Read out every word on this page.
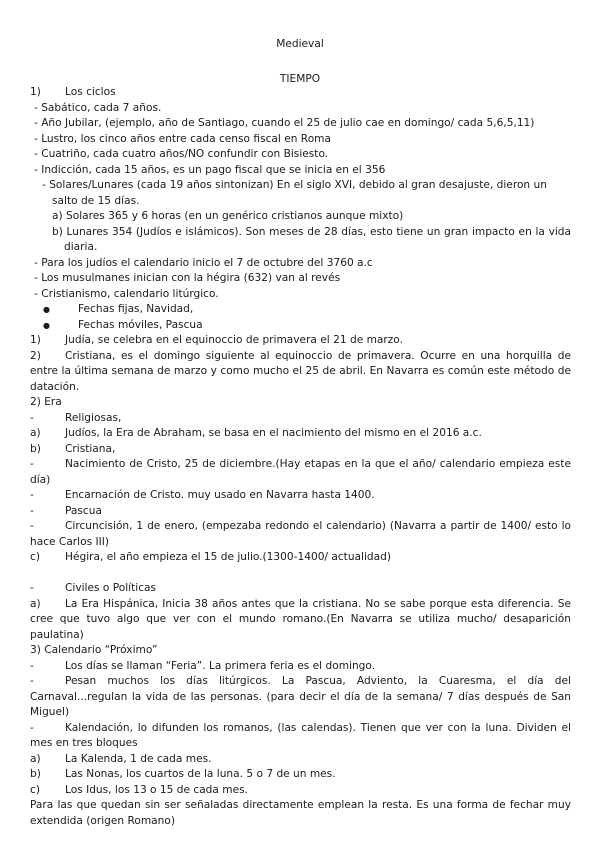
Medieval
TIEMPO
1) Los ciclos
- Sabático, cada 7 años.
- Año Jubilar, (ejemplo, año de Santiago, cuando el 25 de julio cae en domingo/ cada 5,6,5,11)
- Lustro, los cinco años entre cada censo fiscal en Roma
- Cuatriño, cada cuatro años/NO confundir con Bisiesto.
- Indicción, cada 15 años, es un pago fiscal que se inicia en el 356
- Solares/Lunares (cada 19 años sintonizan) En el siglo XVI, debido al gran desajuste, dieron un salto de 15 días.
a) Solares 365 y 6 horas (en un genérico cristianos aunque mixto)
b) Lunares 354 (Judíos e islámicos). Son meses de 28 días, esto tiene un gran impacto en la vida diaria.
- Para los judíos el calendario inicio el 7 de octubre del 3760 a.c
- Los musulmanes inician con la hégira (632) van al revés
- Cristianismo, calendario litúrgico.
●	Fechas fijas, Navidad,
●	Fechas móviles, Pascua
1) Judía, se celebra en el equinoccio de primavera el 21 de marzo.
2) Cristiana, es el domingo siguiente al equinoccio de primavera. Ocurre en una horquilla de entre la última semana de marzo y como mucho el 25 de abril. En Navarra es común este método de datación.
2) Era
-	Religiosas,
a) Judíos, la Era de Abraham, se basa en el nacimiento del mismo en el 2016 a.c.
b) Cristiana,
-	Nacimiento de Cristo, 25 de diciembre.(Hay etapas en la que el año/ calendario empieza este día)
-	Encarnación de Cristo. muy usado en Navarra hasta 1400.
-	Pascua
-	Circuncisión, 1 de enero, (empezaba redondo el calendario) (Navarra a partir de 1400/ esto lo hace Carlos III)
c) Hégira, el año empieza el 15 de julio.(1300-1400/ actualidad)
-	Civiles o Políticas
a) La Era Hispánica, Inicia 38 años antes que la cristiana. No se sabe porque esta diferencia. Se cree que tuvo algo que ver con el mundo romano.(En Navarra se utiliza mucho/ desaparición paulatina)
3) Calendario “Próximo”
-	Los días se llaman “Feria”. La primera feria es el domingo.
-	Pesan muchos los días litúrgicos. La Pascua, Adviento, la Cuaresma, el día del Carnaval...regulan la vida de las personas. (para decir el día de la semana/ 7 días después de San Miguel)
-	Kalendación, lo difunden los romanos, (las calendas). Tienen que ver con la luna. Dividen el mes en tres bloques
a) La Kalenda, 1 de cada mes.
b) Las Nonas, los cuartos de la luna. 5 o 7 de un mes.
c) Los Idus, los 13 o 15 de cada mes.
Para las que quedan sin ser señaladas directamente emplean la resta. Es una forma de fechar muy extendida (origen Romano)
